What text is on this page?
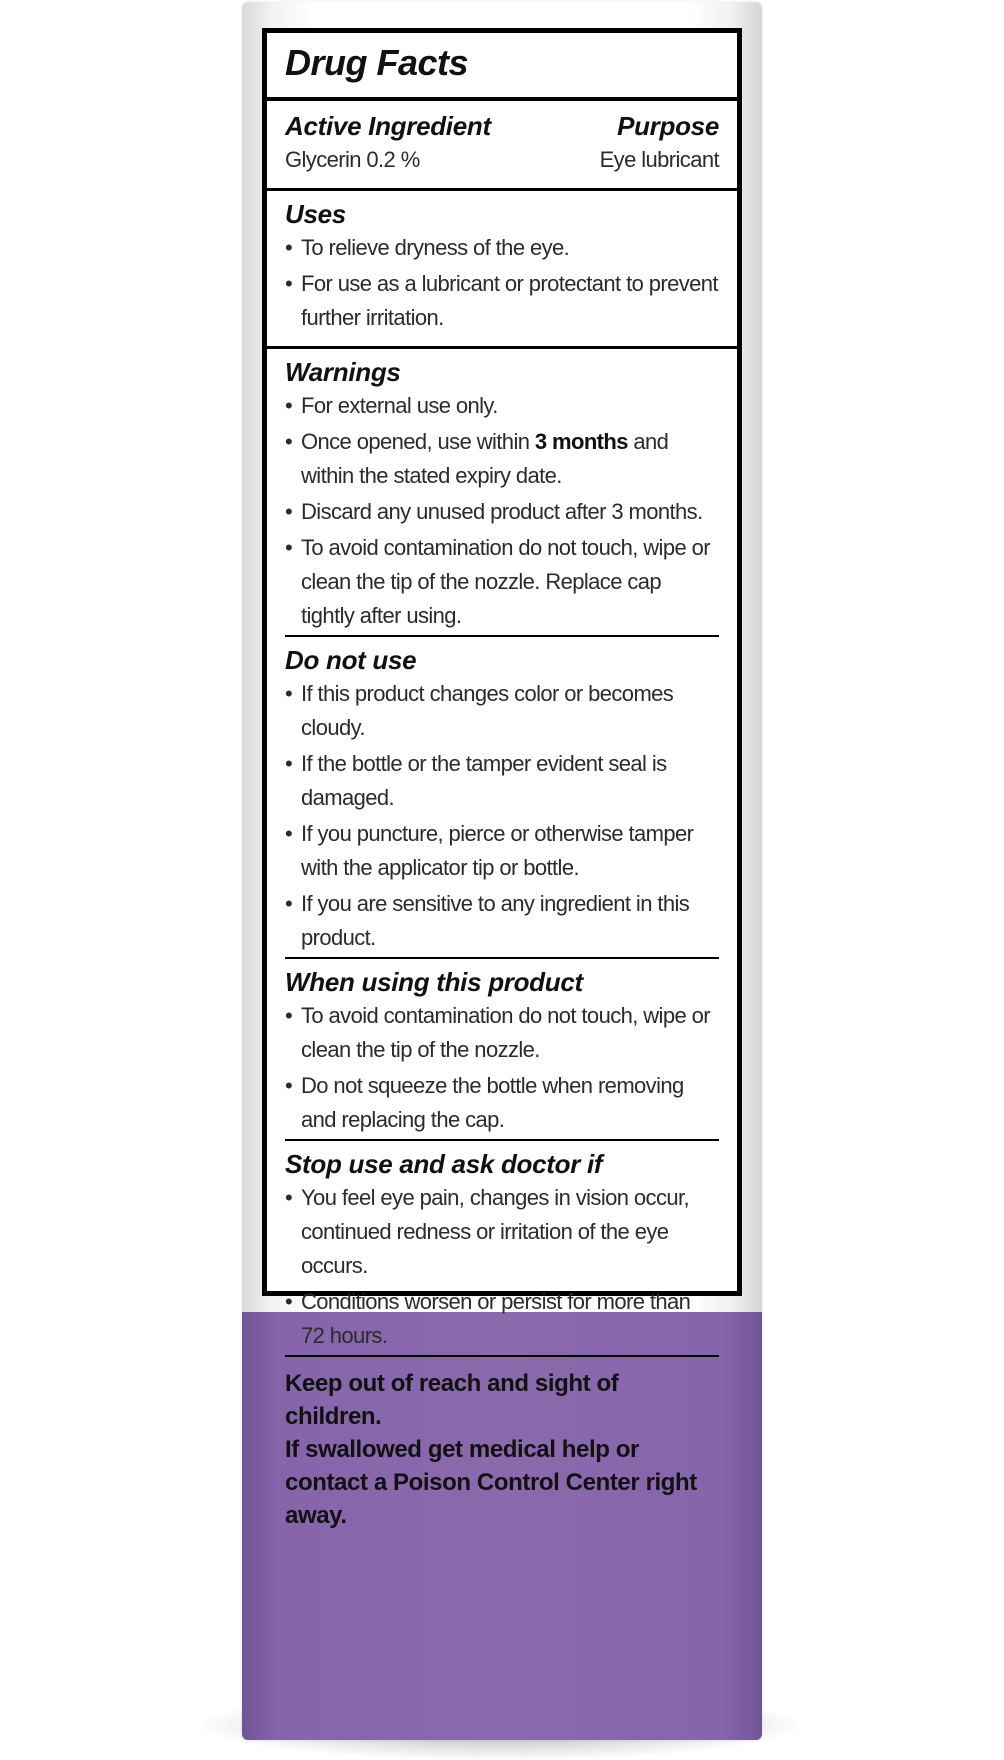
Drug Facts
Active Ingredient
Glycerin 0.2 %
Purpose
Eye lubricant
Uses
• To relieve dryness of the eye.
• For use as a lubricant or protectant to prevent further irritation.
Warnings
• For external use only.
• Once opened, use within 3 months and within the stated expiry date.
• Discard any unused product after 3 months.
• To avoid contamination do not touch, wipe or clean the tip of the nozzle. Replace cap tightly after using.
Do not use
• If this product changes color or becomes cloudy.
• If the bottle or the tamper evident seal is damaged.
• If you puncture, pierce or otherwise tamper with the applicator tip or bottle.
• If you are sensitive to any ingredient in this product.
When using this product
• To avoid contamination do not touch, wipe or clean the tip of the nozzle.
• Do not squeeze the bottle when removing and replacing the cap.
Stop use and ask doctor if
• You feel eye pain, changes in vision occur, continued redness or irritation of the eye occurs.
• Conditions worsen or persist for more than 72 hours.
Keep out of reach and sight of children.
If swallowed get medical help or contact a Poison Control Center right away.
